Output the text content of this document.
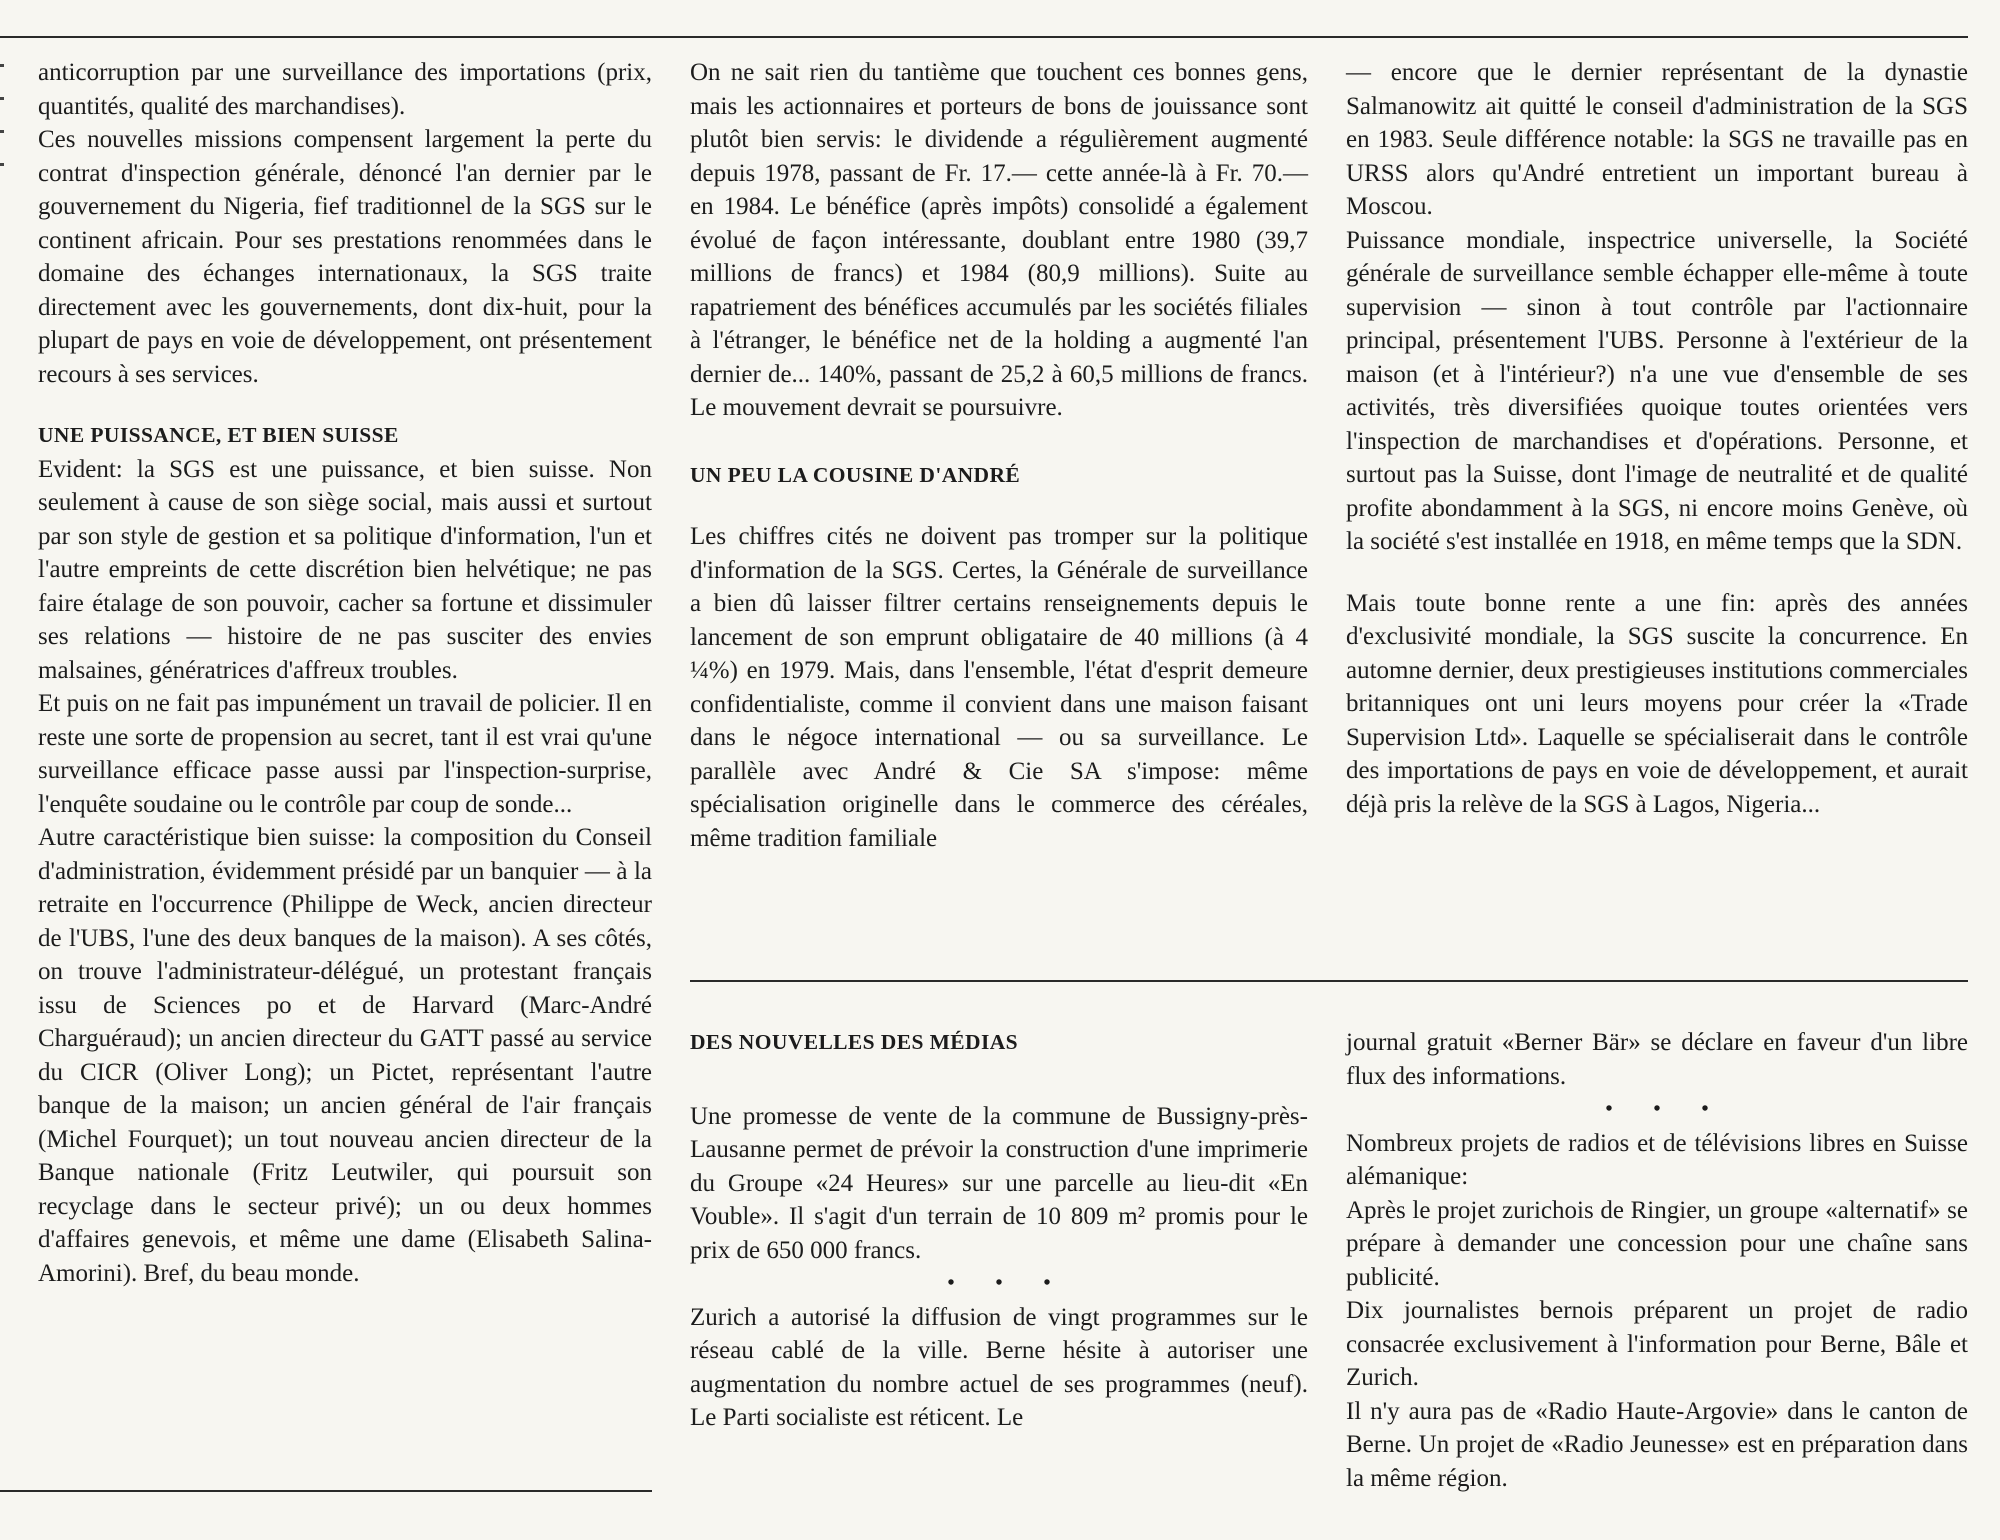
anticorruption par une surveillance des importations (prix, quantités, qualité des marchandises).

Ces nouvelles missions compensent largement la perte du contrat d'inspection générale, dénoncé l'an dernier par le gouvernement du Nigeria, fief traditionnel de la SGS sur le continent africain. Pour ses prestations renommées dans le domaine des échanges internationaux, la SGS traite directement avec les gouvernements, dont dix-huit, pour la plupart de pays en voie de développement, ont présentement recours à ses services.

UNE PUISSANCE, ET BIEN SUISSE

Evident: la SGS est une puissance, et bien suisse. Non seulement à cause de son siège social, mais aussi et surtout par son style de gestion et sa politique d'information, l'un et l'autre empreints de cette discrétion bien helvétique; ne pas faire étalage de son pouvoir, cacher sa fortune et dissimuler ses relations — histoire de ne pas susciter des envies malsaines, génératrices d'affreux troubles.

Et puis on ne fait pas impunément un travail de policier. Il en reste une sorte de propension au secret, tant il est vrai qu'une surveillance efficace passe aussi par l'inspection-surprise, l'enquête soudaine ou le contrôle par coup de sonde...

Autre caractéristique bien suisse: la composition du Conseil d'administration, évidemment présidé par un banquier — à la retraite en l'occurrence (Philippe de Weck, ancien directeur de l'UBS, l'une des deux banques de la maison). A ses côtés, on trouve l'administrateur-délégué, un protestant français issu de Sciences po et de Harvard (Marc-André Charguéraud); un ancien directeur du GATT passé au service du CICR (Oliver Long); un Pictet, représentant l'autre banque de la maison; un ancien général de l'air français (Michel Fourquet); un tout nouveau ancien directeur de la Banque nationale (Fritz Leutwiler, qui poursuit son recyclage dans le secteur privé); un ou deux hommes d'affaires genevois, et même une dame (Elisabeth Salina-Amorini). Bref, du beau monde.

On ne sait rien du tantième que touchent ces bonnes gens, mais les actionnaires et porteurs de bons de jouissance sont plutôt bien servis: le dividende a régulièrement augmenté depuis 1978, passant de Fr. 17.— cette année-là à Fr. 70.— en 1984. Le bénéfice (après impôts) consolidé a également évolué de façon intéressante, doublant entre 1980 (39,7 millions de francs) et 1984 (80,9 millions). Suite au rapatriement des bénéfices accumulés par les sociétés filiales à l'étranger, le bénéfice net de la holding a augmenté l'an dernier de... 140%, passant de 25,2 à 60,5 millions de francs. Le mouvement devrait se poursuivre.

UN PEU LA COUSINE D'ANDRÉ

Les chiffres cités ne doivent pas tromper sur la politique d'information de la SGS. Certes, la Générale de surveillance a bien dû laisser filtrer certains renseignements depuis le lancement de son emprunt obligataire de 40 millions (à 4 ¼%) en 1979. Mais, dans l'ensemble, l'état d'esprit demeure confidentialiste, comme il convient dans une maison faisant dans le négoce international — ou sa surveillance. Le parallèle avec André & Cie SA s'impose: même spécialisation originelle dans le commerce des céréales, même tradition familiale

— encore que le dernier représentant de la dynastie Salmanowitz ait quitté le conseil d'administration de la SGS en 1983. Seule différence notable: la SGS ne travaille pas en URSS alors qu'André entretient un important bureau à Moscou.

Puissance mondiale, inspectrice universelle, la Société générale de surveillance semble échapper elle-même à toute supervision — sinon à tout contrôle par l'actionnaire principal, présentement l'UBS. Personne à l'extérieur de la maison (et à l'intérieur?) n'a une vue d'ensemble de ses activités, très diversifiées quoique toutes orientées vers l'inspection de marchandises et d'opérations. Personne, et surtout pas la Suisse, dont l'image de neutralité et de qualité profite abondamment à la SGS, ni encore moins Genève, où la société s'est installée en 1918, en même temps que la SDN.

Mais toute bonne rente a une fin: après des années d'exclusivité mondiale, la SGS suscite la concurrence. En automne dernier, deux prestigieuses institutions commerciales britanniques ont uni leurs moyens pour créer la «Trade Supervision Ltd». Laquelle se spécialiserait dans le contrôle des importations de pays en voie de développement, et aurait déjà pris la relève de la SGS à Lagos, Nigeria...

DES NOUVELLES DES MÉDIAS

Une promesse de vente de la commune de Bussigny-près-Lausanne permet de prévoir la construction d'une imprimerie du Groupe «24 Heures» sur une parcelle au lieu-dit «En Vouble». Il s'agit d'un terrain de 10 809 m² promis pour le prix de 650 000 francs.

• • •

Zurich a autorisé la diffusion de vingt programmes sur le réseau cablé de la ville. Berne hésite à autoriser une augmentation du nombre actuel de ses programmes (neuf). Le Parti socialiste est réticent. Le

journal gratuit «Berner Bär» se déclare en faveur d'un libre flux des informations.

• • •

Nombreux projets de radios et de télévisions libres en Suisse alémanique:

Après le projet zurichois de Ringier, un groupe «alternatif» se prépare à demander une concession pour une chaîne sans publicité.

Dix journalistes bernois préparent un projet de radio consacrée exclusivement à l'information pour Berne, Bâle et Zurich.

Il n'y aura pas de «Radio Haute-Argovie» dans le canton de Berne. Un projet de «Radio Jeunesse» est en préparation dans la même région.
